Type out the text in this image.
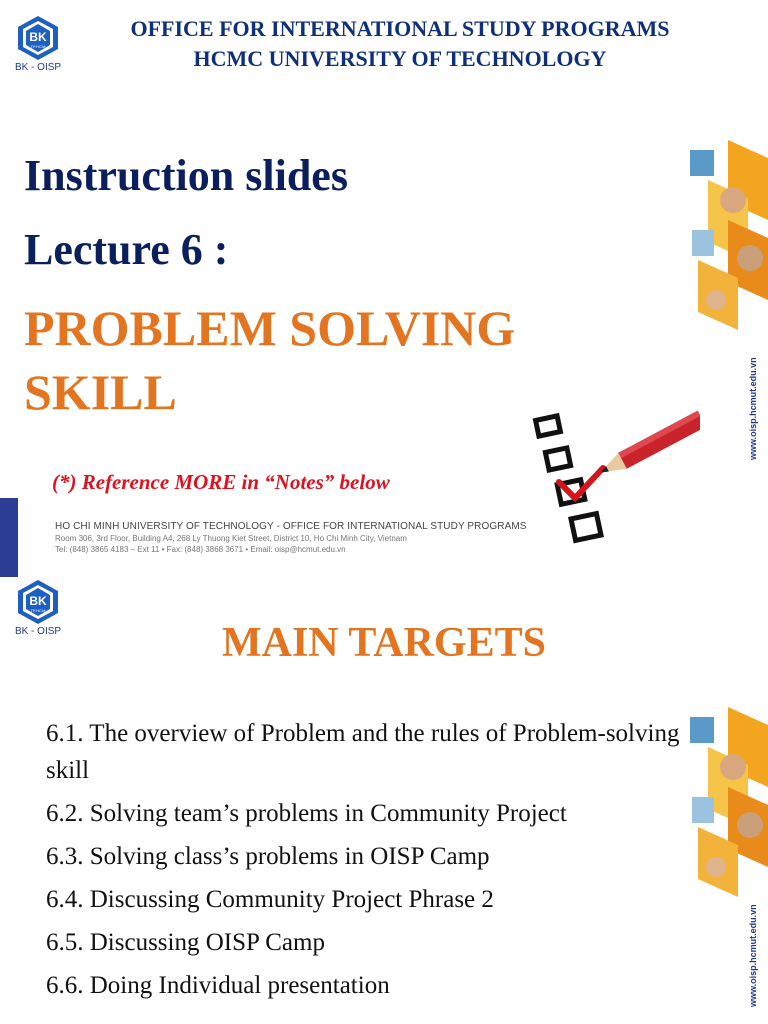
BK
TP.HCM
BK - OISP
OFFICE FOR INTERNATIONAL STUDY PROGRAMS
HCMC UNIVERSITY OF TECHNOLOGY
Instruction slides
Lecture 6 :
PROBLEM SOLVING
SKILL
(*) Reference MORE in “Notes” below
HO CHI MINH UNIVERSITY OF TECHNOLOGY - OFFICE FOR INTERNATIONAL STUDY PROGRAMS
Room 306, 3rd Floor, Building A4, 268 Ly Thuong Kiet Street, District 10, Ho Chi Minh City, Vietnam
Tel: (848) 3865 4183 – Ext 11 • Fax: (848) 3868 3671 • Email: oisp@hcmut.edu.vn
www.oisp.hcmut.edu.vn
BK
TP.HCM
BK - OISP	MAIN TARGETS
6.1. The overview of Problem and the rules of Problem-solving skill
6.2. Solving team’s problems in Community Project
6.3. Solving class’s problems in OISP Camp
6.4. Discussing Community Project Phrase 2
6.5. Discussing OISP Camp
6.6. Doing Individual presentation	www.oisp.hcmut.edu.vn
